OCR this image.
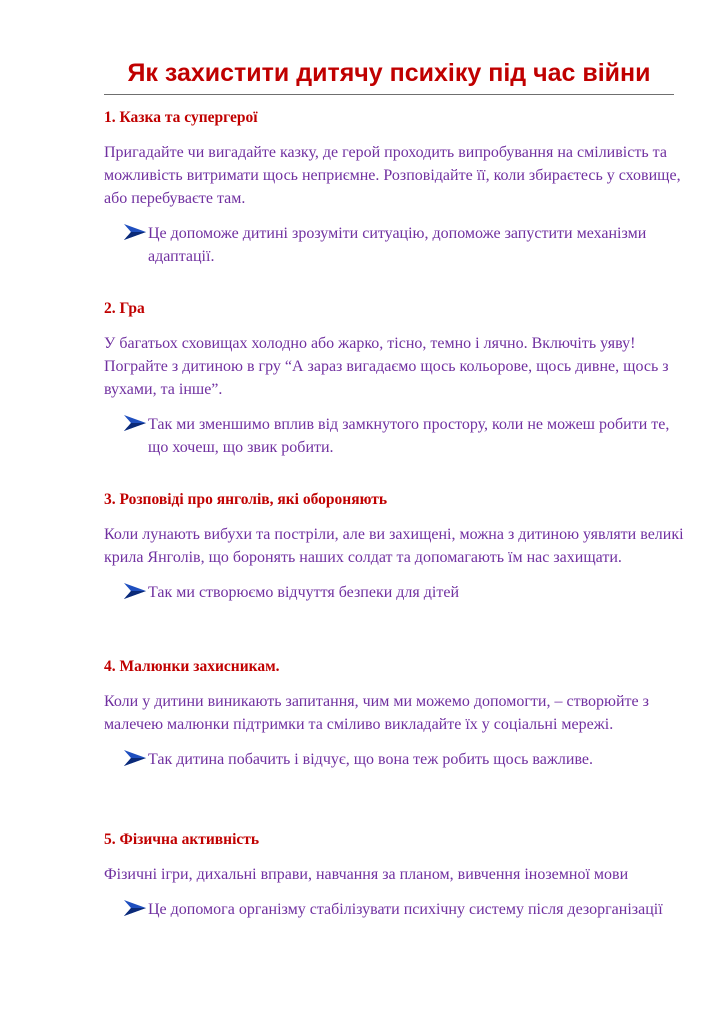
Як захистити дитячу психіку під час війни
1. Казка та супергерої

Пригадайте чи вигадайте казку, де герой проходить випробування на сміливість та можливість витримати щось неприємне. Розповідайте її, коли збираєтесь у сховище, або перебуваєте там.

Це допоможе дитині зрозуміти ситуацію, допоможе запустити механізми адаптації.
2. Гра

У багатьох сховищах холодно або жарко, тісно, темно і лячно. Включіть уяву! Пограйте з дитиною в гру “А зараз вигадаємо щось кольорове, щось дивне, щось з вухами, та інше”.

Так ми зменшимо вплив від замкнутого простору, коли не можеш робити те, що хочеш, що звик робити.
3. Розповіді про янголів, які обороняють

Коли лунають вибухи та постріли, але ви захищені, можна з дитиною уявляти великі крила Янголів, що боронять наших солдат та допомагають їм нас захищати.

Так ми створюємо відчуття безпеки для дітей
4. Малюнки захисникам.

Коли у дитини виникають запитання, чим ми можемо допомогти, – створюйте з малечею малюнки підтримки та сміливо викладайте їх у соціальні мережі.

Так дитина побачить і відчує, що вона теж робить щось важливе.
5. Фізична активність

Фізичні ігри, дихальні вправи, навчання за планом, вивчення іноземної мови

Це допомога організму стабілізувати психічну систему після дезорганізації
